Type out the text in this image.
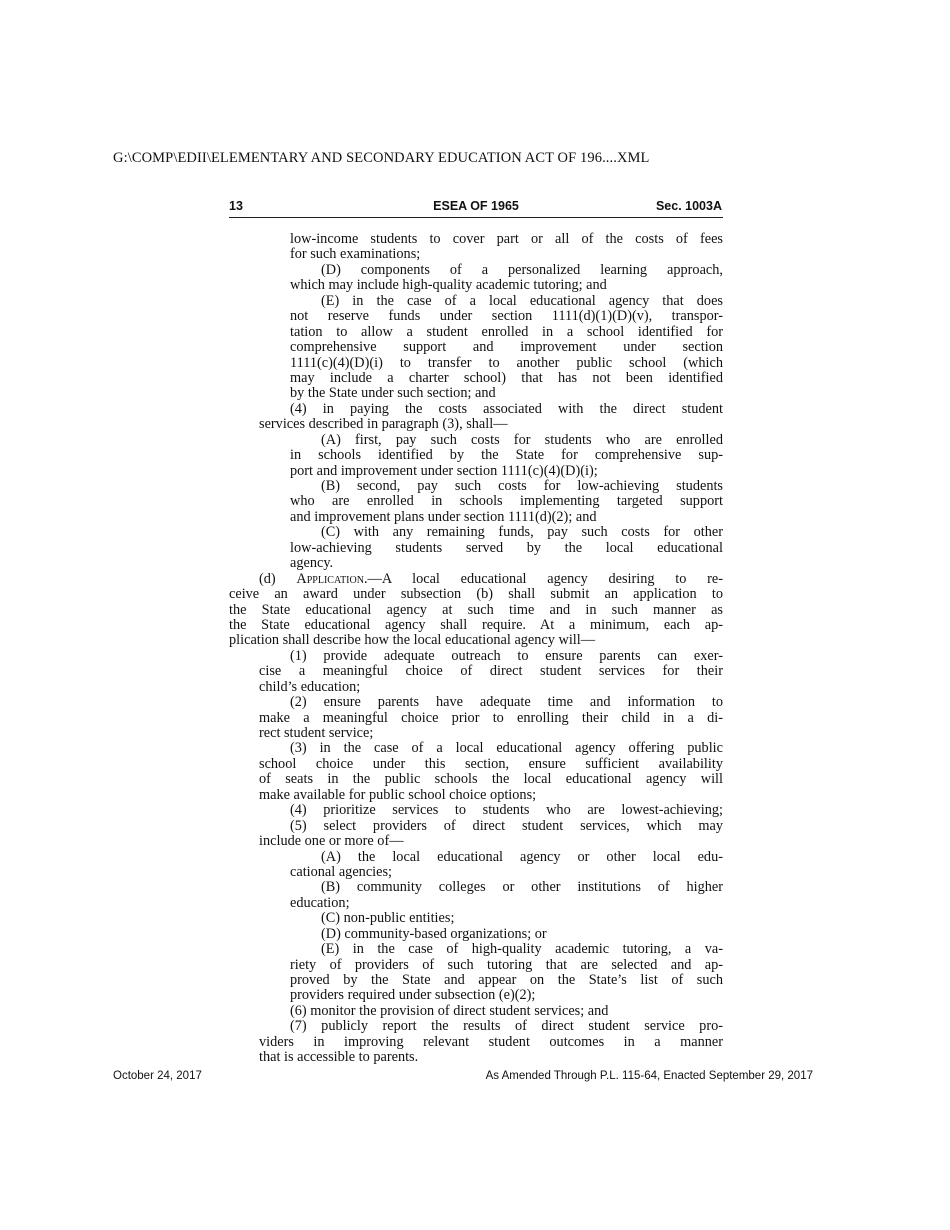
G:\COMP\EDII\ELEMENTARY AND SECONDARY EDUCATION ACT OF 196....XML
13	ESEA OF 1965	Sec. 1003A
low-income students to cover part or all of the costs of fees
for such examinations;
(D) components of a personalized learning approach,
which may include high-quality academic tutoring; and
(E) in the case of a local educational agency that does
not reserve funds under section 1111(d)(1)(D)(v), transpor-
tation to allow a student enrolled in a school identified for
comprehensive support and improvement under section
1111(c)(4)(D)(i) to transfer to another public school (which
may include a charter school) that has not been identified
by the State under such section; and
(4) in paying the costs associated with the direct student
services described in paragraph (3), shall—
(A) first, pay such costs for students who are enrolled
in schools identified by the State for comprehensive sup-
port and improvement under section 1111(c)(4)(D)(i);
(B) second, pay such costs for low-achieving students
who are enrolled in schools implementing targeted support
and improvement plans under section 1111(d)(2); and
(C) with any remaining funds, pay such costs for other
low-achieving students served by the local educational
agency.
(d) Application.—A local educational agency desiring to re-
ceive an award under subsection (b) shall submit an application to
the State educational agency at such time and in such manner as
the State educational agency shall require. At a minimum, each ap-
plication shall describe how the local educational agency will—
(1) provide adequate outreach to ensure parents can exer-
cise a meaningful choice of direct student services for their
child’s education;
(2) ensure parents have adequate time and information to
make a meaningful choice prior to enrolling their child in a di-
rect student service;
(3) in the case of a local educational agency offering public
school choice under this section, ensure sufficient availability
of seats in the public schools the local educational agency will
make available for public school choice options;
(4) prioritize services to students who are lowest-achieving;
(5) select providers of direct student services, which may
include one or more of—
(A) the local educational agency or other local edu-
cational agencies;
(B) community colleges or other institutions of higher
education;
(C) non-public entities;
(D) community-based organizations; or
(E) in the case of high-quality academic tutoring, a va-
riety of providers of such tutoring that are selected and ap-
proved by the State and appear on the State’s list of such
providers required under subsection (e)(2);
(6) monitor the provision of direct student services; and
(7) publicly report the results of direct student service pro-
viders in improving relevant student outcomes in a manner
that is accessible to parents.
October 24, 2017	As Amended Through P.L. 115-64, Enacted September 29, 2017
